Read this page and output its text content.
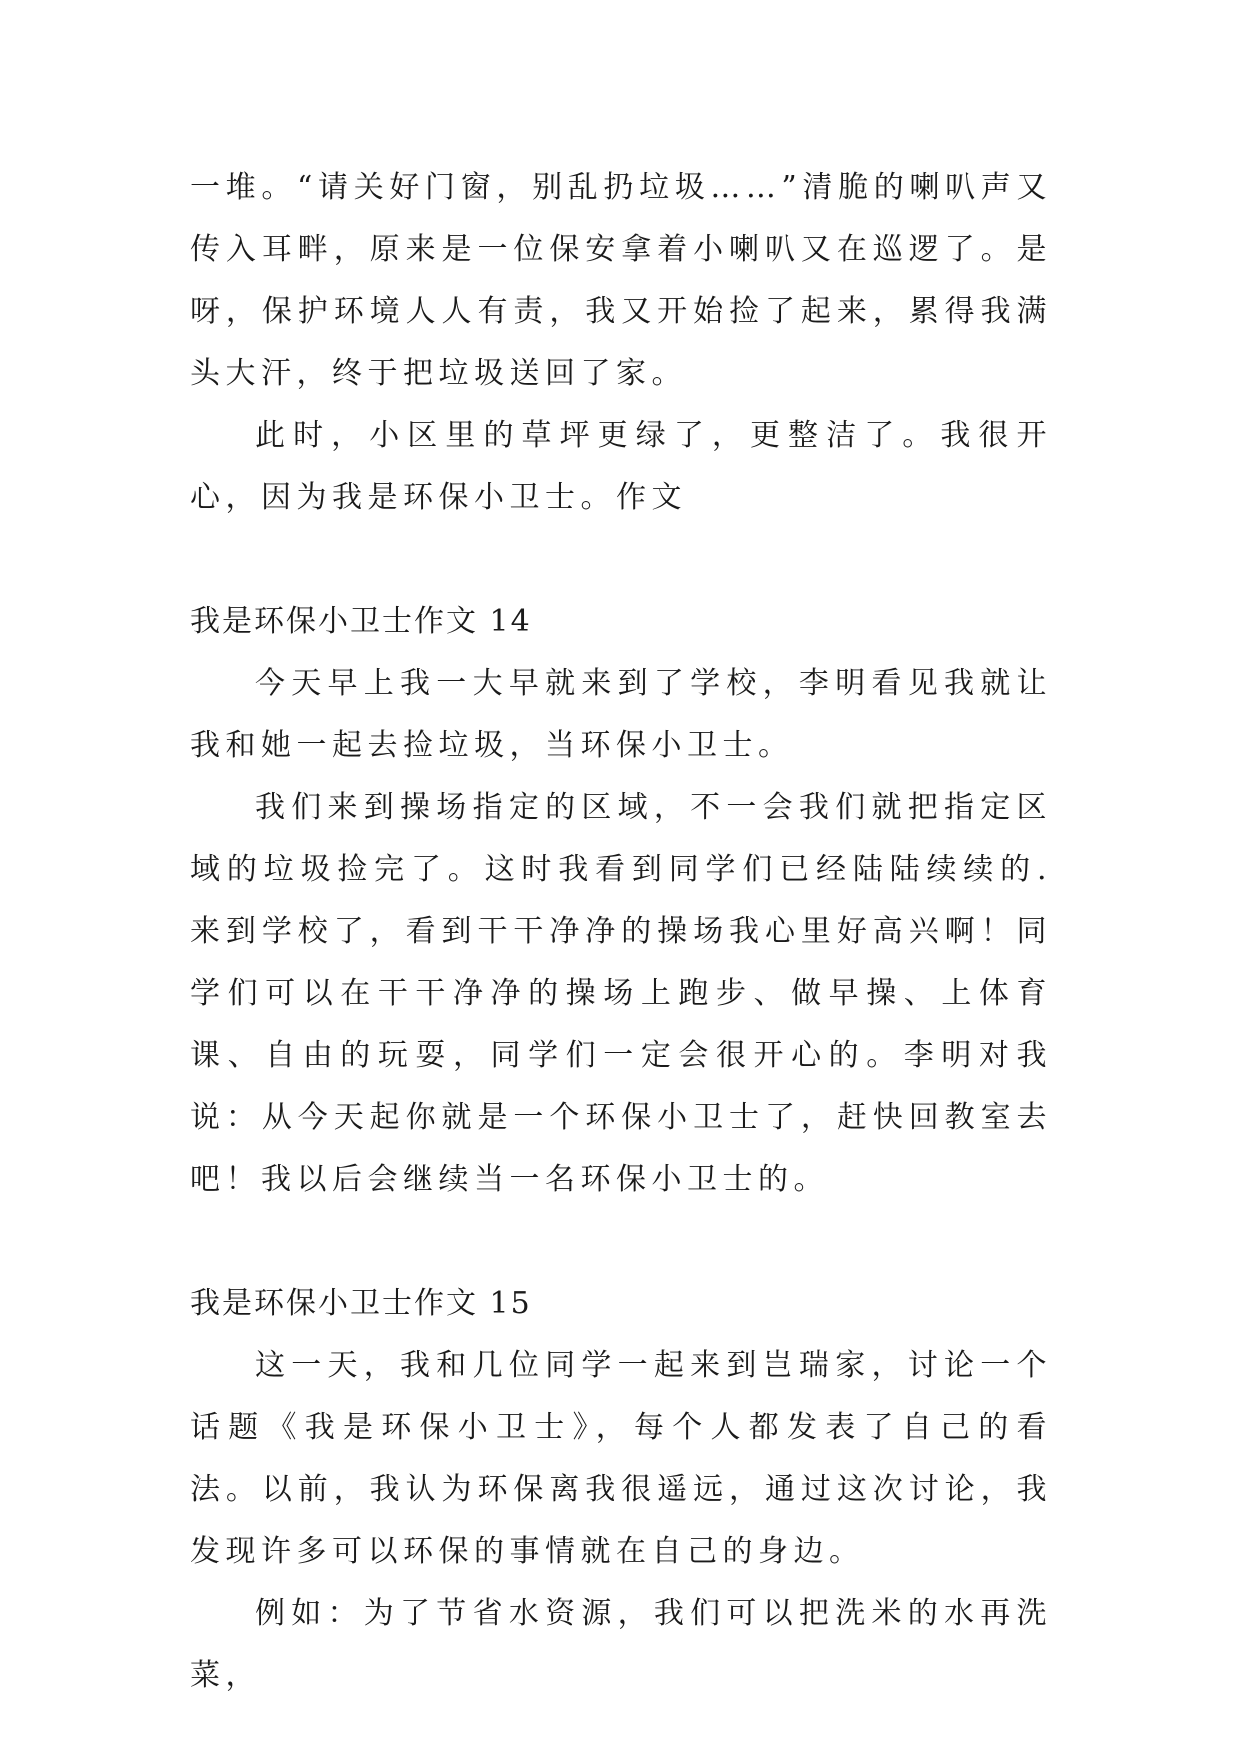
一堆。“请关好门窗，别乱扔垃圾……”清脆的喇叭声又传入耳畔，原来是一位保安拿着小喇叭又在巡逻了。是呀，保护环境人人有责，我又开始捡了起来，累得我满头大汗，终于把垃圾送回了家。

此时，小区里的草坪更绿了，更整洁了。我很开心，因为我是环保小卫士。作文

我是环保小卫士作文 14

今天早上我一大早就来到了学校，李明看见我就让我和她一起去捡垃圾，当环保小卫士。

我们来到操场指定的区域，不一会我们就把指定区域的垃圾捡完了。这时我看到同学们已经陆陆续续的.来到学校了，看到干干净净的操场我心里好高兴啊！同学们可以在干干净净的操场上跑步、做早操、上体育课、自由的玩耍，同学们一定会很开心的。李明对我说：从今天起你就是一个环保小卫士了，赶快回教室去吧！我以后会继续当一名环保小卫士的。

我是环保小卫士作文 15

这一天，我和几位同学一起来到岂瑞家，讨论一个话题《我是环保小卫士》，每个人都发表了自己的看法。以前，我认为环保离我很遥远，通过这次讨论，我发现许多可以环保的事情就在自己的身边。

例如：为了节省水资源，我们可以把洗米的水再洗菜，
